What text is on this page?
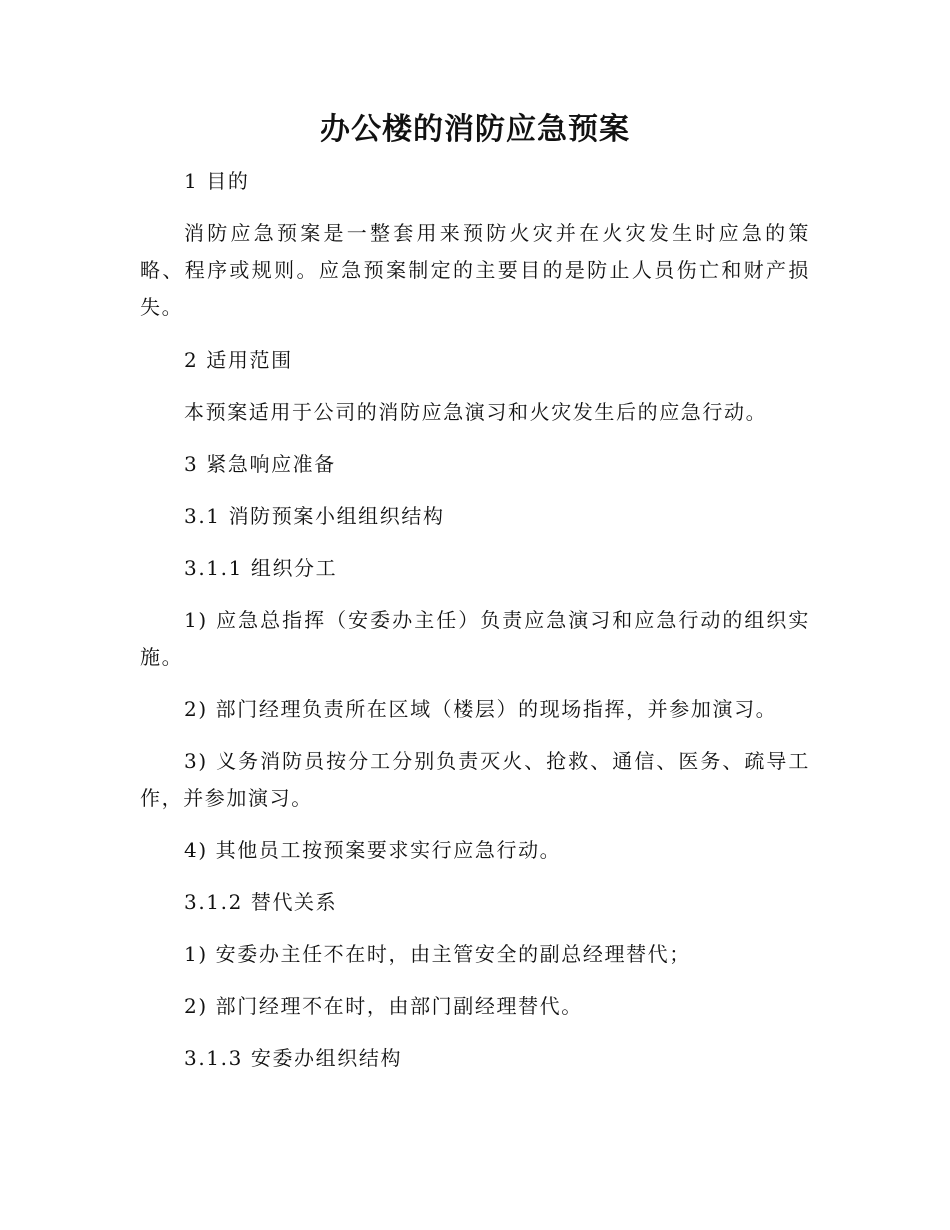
办公楼的消防应急预案

1 目的

消防应急预案是一整套用来预防火灾并在火灾发生时应急的策略、程序或规则。应急预案制定的主要目的是防止人员伤亡和财产损失。

2 适用范围

本预案适用于公司的消防应急演习和火灾发生后的应急行动。

3 紧急响应准备

3.1 消防预案小组组织结构

3.1.1 组织分工

1) 应急总指挥（安委办主任）负责应急演习和应急行动的组织实施。

2) 部门经理负责所在区域（楼层）的现场指挥，并参加演习。

3) 义务消防员按分工分别负责灭火、抢救、通信、医务、疏导工作，并参加演习。

4) 其他员工按预案要求实行应急行动。

3.1.2 替代关系

1) 安委办主任不在时，由主管安全的副总经理替代；

2) 部门经理不在时，由部门副经理替代。

3.1.3 安委办组织结构
